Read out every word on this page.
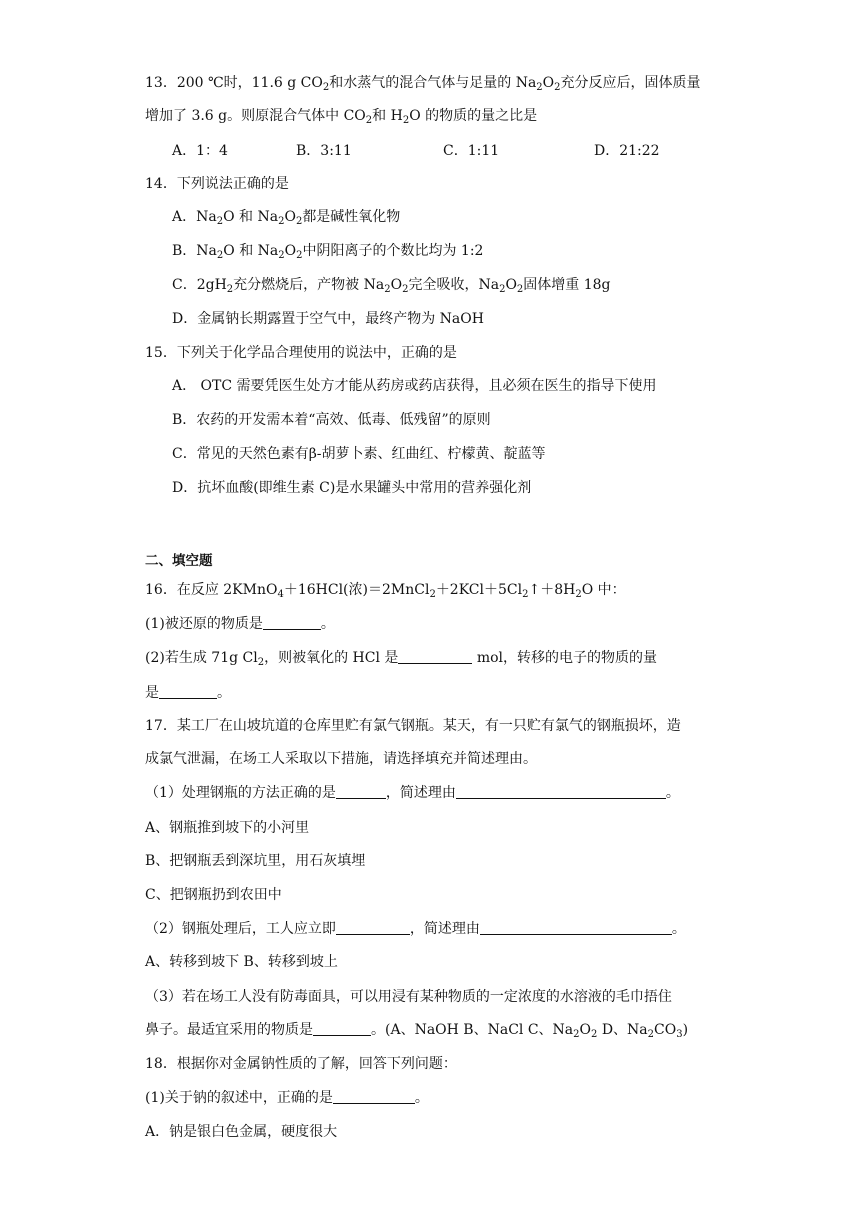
13．200 ℃时，11.6 g $CO_2$和水蒸气的混合气体与足量的 $Na_2O_2$充分反应后，固体质量
增加了 3.6 g。则原混合气体中 $CO_2$和 $H_2O$ 的物质的量之比是
A．1：4	B．3:11	C．1:11	D．21:22
14．下列说法正确的是
A．$Na_2O$ 和 $Na_2O_2$都是碱性氧化物
B．$Na_2O$ 和 $Na_2O_2$中阴阳离子的个数比均为 1:2
C．$2gH_2$充分燃烧后，产物被 $Na_2O_2$完全吸收，$Na_2O_2$固体增重 18g
D．金属钠长期露置于空气中，最终产物为 NaOH
15．下列关于化学品合理使用的说法中，正确的是
A． OTC 需要凭医生处方才能从药房或药店获得，且必须在医生的指导下使用
B．农药的开发需本着“高效、低毒、低残留”的原则
C．常见的天然色素有β-胡萝卜素、红曲红、柠檬黄、靛蓝等
D．抗坏血酸(即维生素 C)是水果罐头中常用的营养强化剂
二、填空题
16．在反应 2KMnO$_4$＋16HCl(浓)$=2MnCl_2+2KCl+5Cl_2↑+8H_2O$ 中：
(1)被还原的物质是	。
(2)若生成 71g $Cl_2$，则被氧化的 HCl 是	mol，转移的电子的物质的量
是	。
17．某工厂在山坡坑道的仓库里贮有氯气钢瓶。某天，有一只贮有氯气的钢瓶损坏，造
成氯气泄漏，在场工人采取以下措施，请选择填充并简述理由。
（1）处理钢瓶的方法正确的是	，简述理由	。
A、钢瓶推到坡下的小河里
B、把钢瓶丢到深坑里，用石灰填埋
C、把钢瓶扔到农田中
（2）钢瓶处理后，工人应立即	，简述理由	。
A、转移到坡下 B、转移到坡上
（3）若在场工人没有防毒面具，可以用浸有某种物质的一定浓度的水溶液的毛巾捂住
鼻子。最适宜采用的物质是	。(A、NaOH B、NaCl C、$Na_2O_2$ D、$Na_2CO_3$)
18．根据你对金属钠性质的了解，回答下列问题：
(1)关于钠的叙述中，正确的是	。
A．钠是银白色金属，硬度很大
